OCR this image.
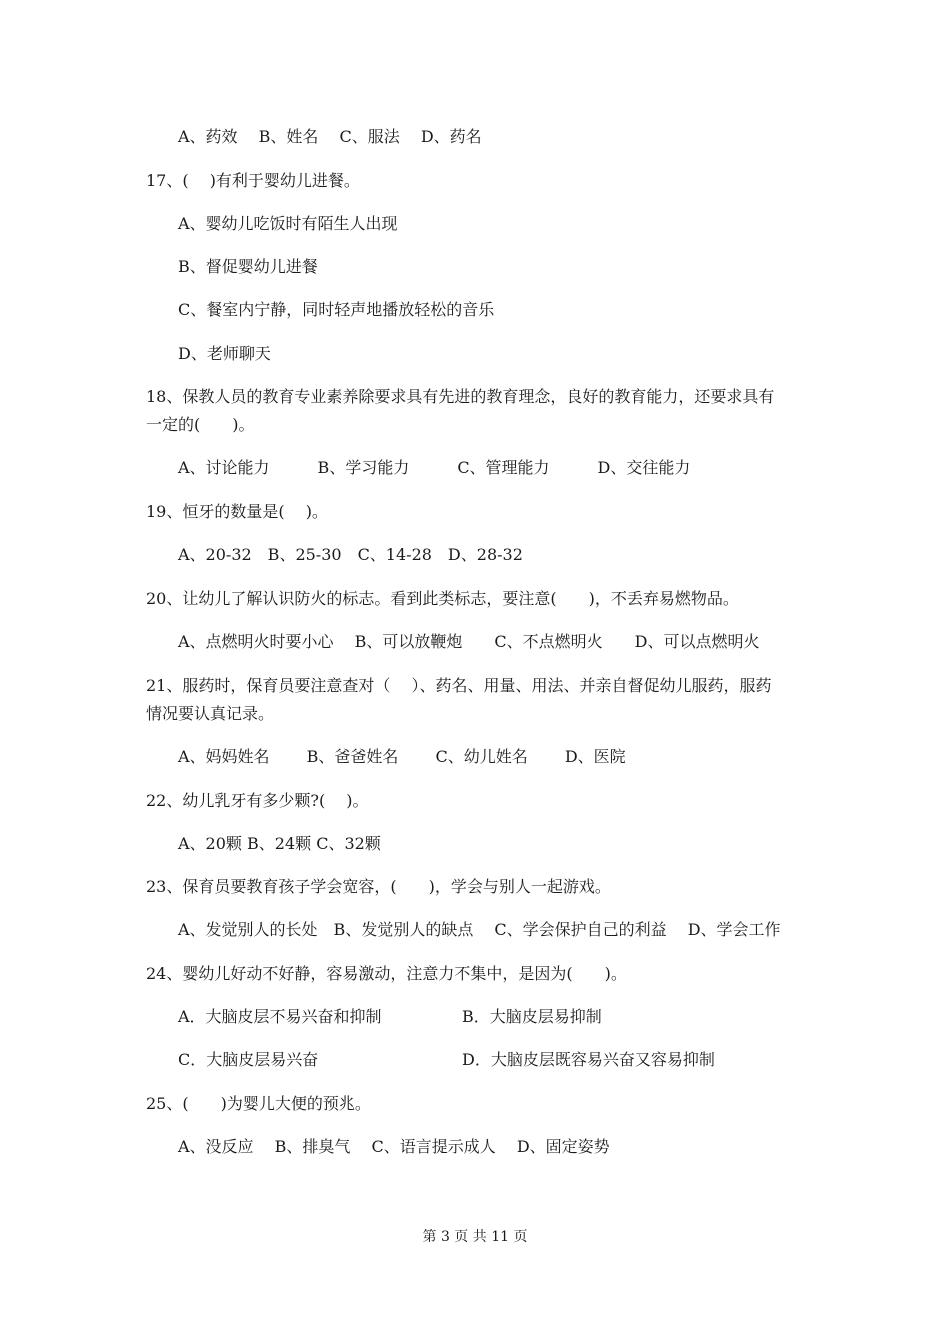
A、药效　 B、姓名　 C、服法　 D、药名
17、(　 )有利于婴幼儿进餐。
A、婴幼儿吃饭时有陌生人出现
B、督促婴幼儿进餐
C、餐室内宁静，同时轻声地播放轻松的音乐
D、老师聊天
18、保教人员的教育专业素养除要求具有先进的教育理念，良好的教育能力，还要求具有
一定的(　　)。
A、讨论能力　　　B、学习能力　　　C、管理能力　　　D、交往能力
19、恒牙的数量是(　 )。
A、20-32　B、25-30　C、14-28　D、28-32
20、让幼儿了解认识防火的标志。看到此类标志，要注意(　　)，不丢弃易燃物品。
A、点燃明火时要小心　 B、可以放鞭炮　　C、不点燃明火　　D、可以点燃明火
21、服药时，保育员要注意查对（　 ）、药名、用量、用法、并亲自督促幼儿服药，服药
情况要认真记录。
A、妈妈姓名　　 B、爸爸姓名　　 C、幼儿姓名　　 D、医院
22、幼儿乳牙有多少颗?(　 )。
A、20颗 B、24颗 C、32颗
23、保育员要教育孩子学会宽容，(　　)，学会与别人一起游戏。
A、发觉别人的长处　B、发觉别人的缺点　 C、学会保护自己的利益　 D、学会工作
24、婴幼儿好动不好静，容易激动，注意力不集中，是因为(　　)。
A．大脑皮层不易兴奋和抑制	B．大脑皮层易抑制
C．大脑皮层易兴奋	D．大脑皮层既容易兴奋又容易抑制
25、(　　)为婴儿大便的预兆。
A、没反应　 B、排臭气　 C、语言提示成人　 D、固定姿势
第 3 页 共 11 页
